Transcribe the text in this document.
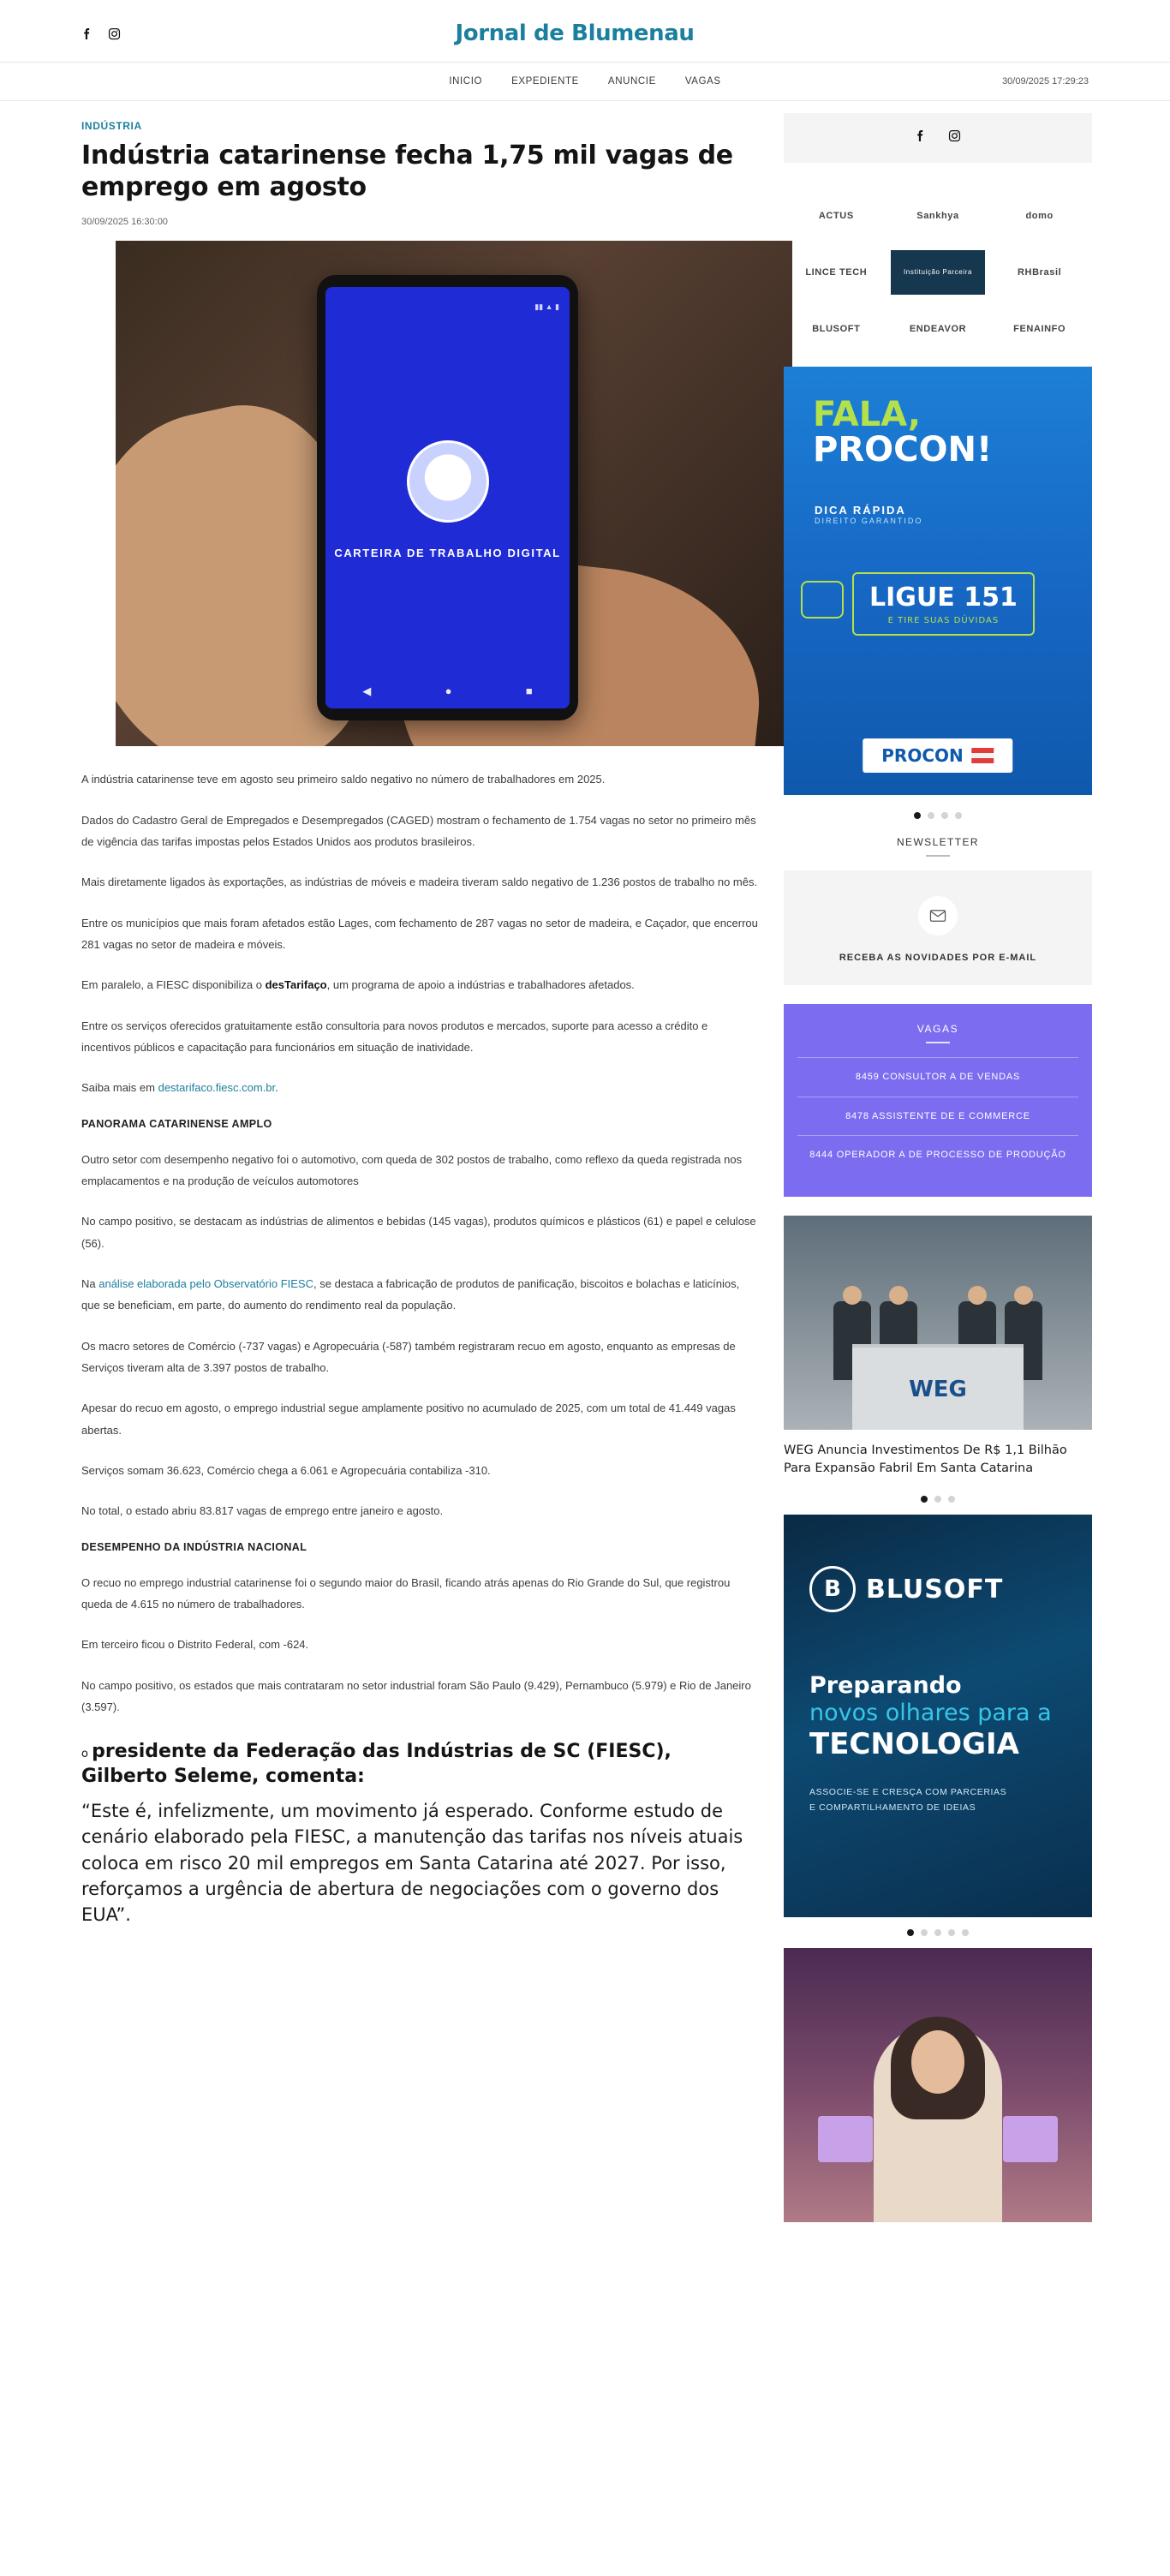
Jornal de Blumenau
INICIO	EXPEDIENTE	ANUNCIE	VAGAS	30/09/2025 17:29:23
INDÚSTRIA
Indústria catarinense fecha 1,75 mil vagas de emprego em agosto
30/09/2025 16:30:00
▮▮ ▲ ▮
CARTEIRA DE TRABALHO DIGITAL
◀	●	■

A indústria catarinense teve em agosto seu primeiro saldo negativo no número de trabalhadores em 2025.

Dados do Cadastro Geral de Empregados e Desempregados (CAGED) mostram o fechamento de 1.754 vagas no setor no primeiro mês de vigência das tarifas impostas pelos Estados Unidos aos produtos brasileiros.

Mais diretamente ligados às exportações, as indústrias de móveis e madeira tiveram saldo negativo de 1.236 postos de trabalho no mês.

Entre os municípios que mais foram afetados estão Lages, com fechamento de 287 vagas no setor de madeira, e Caçador, que encerrou 281 vagas no setor de madeira e móveis.

Em paralelo, a FIESC disponibiliza o desTarifaço, um programa de apoio a indústrias e trabalhadores afetados.

Entre os serviços oferecidos gratuitamente estão consultoria para novos produtos e mercados, suporte para acesso a crédito e incentivos públicos e capacitação para funcionários em situação de inatividade.

Saiba mais em destarifaco.fiesc.com.br.

PANORAMA CATARINENSE AMPLO

Outro setor com desempenho negativo foi o automotivo, com queda de 302 postos de trabalho, como reflexo da queda registrada nos emplacamentos e na produção de veículos automotores

No campo positivo, se destacam as indústrias de alimentos e bebidas (145 vagas), produtos químicos e plásticos (61) e papel e celulose (56).

Na análise elaborada pelo Observatório FIESC, se destaca a fabricação de produtos de panificação, biscoitos e bolachas e laticínios, que se beneficiam, em parte, do aumento do rendimento real da população.

Os macro setores de Comércio (-737 vagas) e Agropecuária (-587) também registraram recuo em agosto, enquanto as empresas de Serviços tiveram alta de 3.397 postos de trabalho.

Apesar do recuo em agosto, o emprego industrial segue amplamente positivo no acumulado de 2025, com um total de 41.449 vagas abertas.

Serviços somam 36.623, Comércio chega a 6.061 e Agropecuária contabiliza -310.

No total, o estado abriu 83.817 vagas de emprego entre janeiro e agosto.

DESEMPENHO DA INDÚSTRIA NACIONAL

O recuo no emprego industrial catarinense foi o segundo maior do Brasil, ficando atrás apenas do Rio Grande do Sul, que registrou queda de 4.615 no número de trabalhadores.

Em terceiro ficou o Distrito Federal, com -624.

No campo positivo, os estados que mais contrataram no setor industrial foram São Paulo (9.429), Pernambuco (5.979) e Rio de Janeiro (3.597).

o presidente da Federação das Indústrias de SC (FIESC), Gilberto Seleme, comenta:
“Este é, infelizmente, um movimento já esperado. Conforme estudo de cenário elaborado pela FIESC, a manutenção das tarifas nos níveis atuais coloca em risco 20 mil empregos em Santa Catarina até 2027. Por isso, reforçamos a urgência de abertura de negociações com o governo dos EUA”.
ACTUS	Sankhya	domo
LINCE TECH	Instituição Parceira	RHBrasil
BLUSOFT	ENDEAVOR	FENAINFO
FALA,
PROCON!
DICA RÁPIDA
DIREITO GARANTIDO
LIGUE 151
E TIRE SUAS DÚVIDAS
PROCON
NEWSLETTER
RECEBA AS NOVIDADES POR E-MAIL
VAGAS
8459 CONSULTOR A DE VENDAS
8478 ASSISTENTE DE E COMMERCE
8444 OPERADOR A DE PROCESSO DE PRODUÇÃO
WEG
WEG Anuncia Investimentos De R$ 1,1 Bilhão Para Expansão Fabril Em Santa Catarina
B BLUSOFT
Preparando
novos olhares para a
TECNOLOGIA
ASSOCIE-SE E CRESÇA COM PARCERIAS
E COMPARTILHAMENTO DE IDEIAS
